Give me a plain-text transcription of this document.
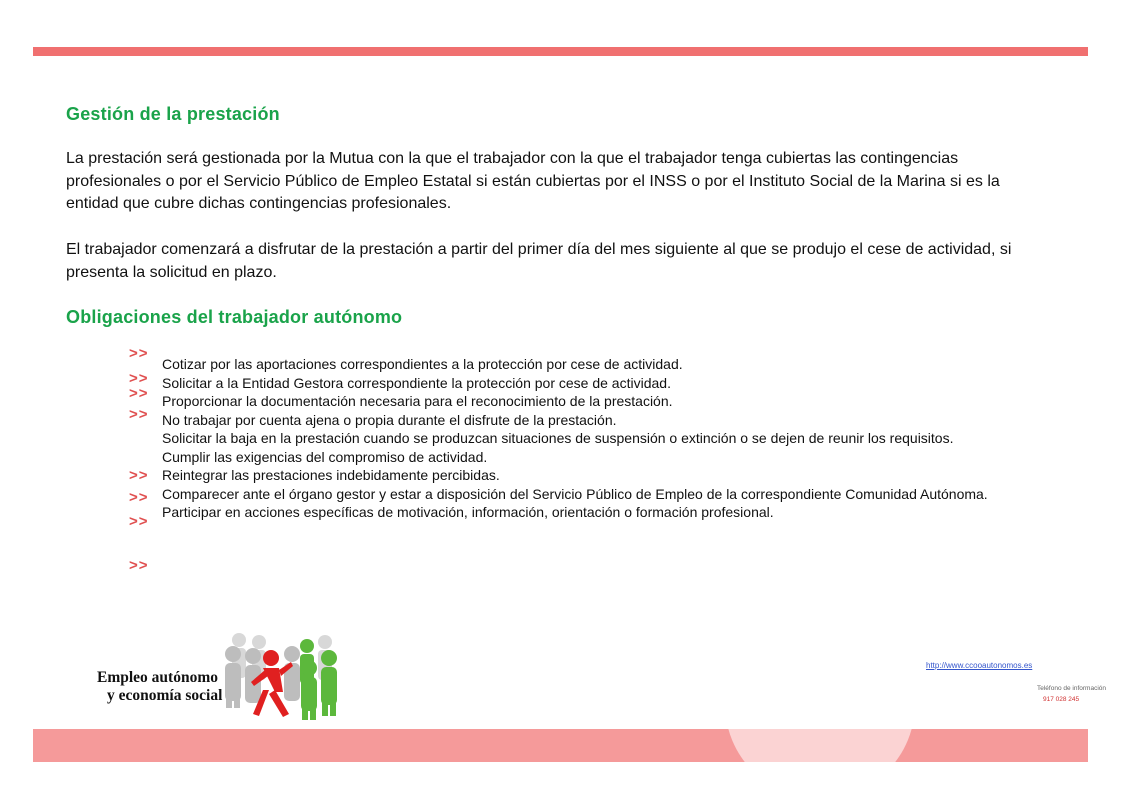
Gestión de la prestación

La prestación será gestionada por la Mutua con la que el trabajador con la que el trabajador tenga cubiertas las contingencias profesionales o por el Servicio Público de Empleo Estatal si están cubiertas por el INSS o por el Instituto Social de la Marina si es la entidad que cubre dichas contingencias profesionales.

El trabajador comenzará a disfrutar de la prestación a partir del primer día del mes siguiente al que se produjo el cese de actividad, si presenta la solicitud en plazo.

Obligaciones del trabajador autónomo
>>
>>
>>
>>
>>
>>
>>
>>
Cotizar por las aportaciones correspondientes a la protección por cese de actividad.
Solicitar a la Entidad Gestora correspondiente la protección por cese de actividad.
Proporcionar la documentación necesaria para el reconocimiento de la prestación.
No trabajar por cuenta ajena o propia durante el disfrute de la prestación.
Solicitar la baja en la prestación cuando se produzcan situaciones de suspensión o extinción o se dejen de reunir los requisitos.
Cumplir las exigencias del compromiso de actividad.
Reintegrar las prestaciones indebidamente percibidas.
Comparecer ante el órgano gestor y estar a disposición del Servicio Público de Empleo de la correspondiente Comunidad Autónoma.
Participar en acciones específicas de motivación, información, orientación o formación profesional.
Empleo autónomo
y economía social
http://www.ccooautonomos.es
Teléfono de información
917 028 245
